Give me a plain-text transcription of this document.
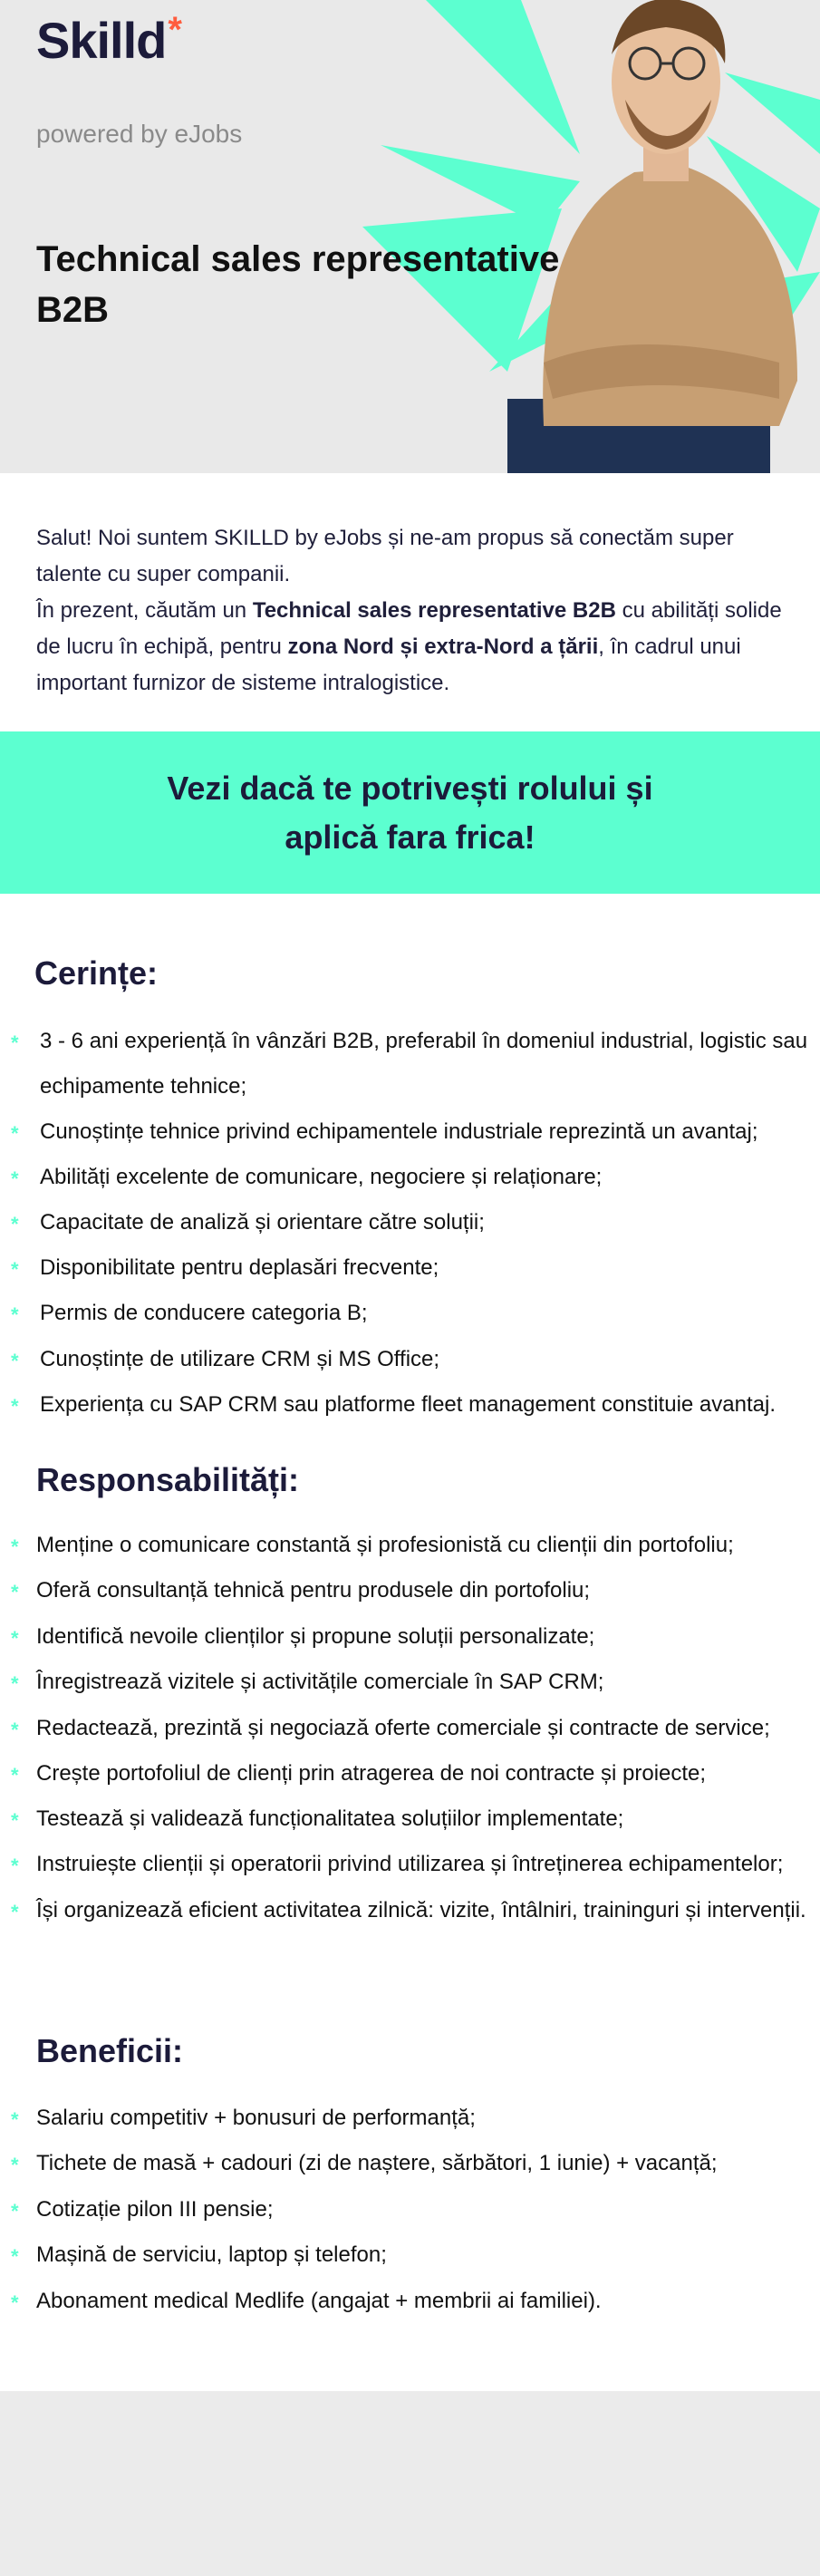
Skilld*
powered by eJobs
Technical sales representative B2B

Salut! Noi suntem SKILLD by eJobs și ne-am propus să conectăm super talente cu super companii.

În prezent, căutăm un Technical sales representative B2B cu abilități solide de lucru în echipă, pentru zona Nord și extra-Nord a țării, în cadrul unui important furnizor de sisteme intralogistice.

Vezi dacă te potrivești rolului și aplică fara frica!
Cerințe:
* 3 - 6 ani experiență în vânzări B2B, preferabil în domeniul industrial, logistic sau echipamente tehnice;
* Cunoștințe tehnice privind echipamentele industriale reprezintă un avantaj;
* Abilități excelente de comunicare, negociere și relaționare;
* Capacitate de analiză și orientare către soluții;
* Disponibilitate pentru deplasări frecvente;
* Permis de conducere categoria B;
* Cunoștințe de utilizare CRM și MS Office;
* Experiența cu SAP CRM sau platforme fleet management constituie avantaj.
Responsabilități:
* Menține o comunicare constantă și profesionistă cu clienții din portofoliu;
* Oferă consultanță tehnică pentru produsele din portofoliu;
* Identifică nevoile clienților și propune soluții personalizate;
* Înregistrează vizitele și activitățile comerciale în SAP CRM;
* Redactează, prezintă și negociază oferte comerciale și contracte de service;
* Crește portofoliul de clienți prin atragerea de noi contracte și proiecte;
* Testează și validează funcționalitatea soluțiilor implementate;
* Instruiește clienții și operatorii privind utilizarea și întreținerea echipamentelor;
* Își organizează eficient activitatea zilnică: vizite, întâlniri, traininguri și intervenții.
Beneficii:
* Salariu competitiv + bonusuri de performanță;
* Tichete de masă + cadouri (zi de naștere, sărbători, 1 iunie) + vacanță;
* Cotizație pilon III pensie;
* Mașină de serviciu, laptop și telefon;
* Abonament medical Medlife (angajat + membrii ai familiei).
